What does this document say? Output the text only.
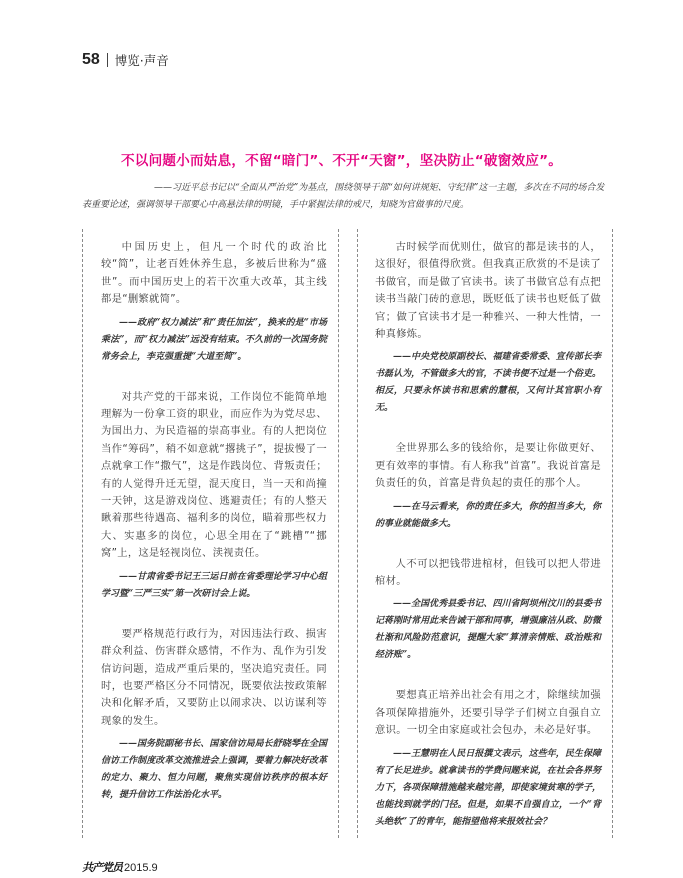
58 博览·声音
不以问题小而姑息，不留“暗门”、不开“天窗”，坚决防止“破窗效应”。
——习近平总书记以“全面从严治党”为基点，围绕领导干部“如何讲规矩、守纪律”这一主题，多次在不同的场合发表重要论述，强调领导干部要心中高悬法律的明镜，手中紧握法律的戒尺，知晓为官做事的尺度。

中国历史上，但凡一个时代的政治比较“简”，让老百姓休养生息，多被后世称为“盛世”。而中国历史上的若干次重大改革，其主线都是“删繁就简”。

——政府“权力减法”和“责任加法”，换来的是“市场乘法”，而“权力减法”远没有结束。不久前的一次国务院常务会上，李克强重提“大道至简”。

对共产党的干部来说，工作岗位不能简单地理解为一份拿工资的职业，而应作为为党尽忠、为国出力、为民造福的崇高事业。有的人把岗位当作“筹码”，稍不如意就“撂挑子”，提拔慢了一点就拿工作“撒气”，这是作践岗位、背叛责任；有的人觉得升迁无望，混天度日，当一天和尚撞一天钟，这是游戏岗位、逃避责任；有的人整天瞅着那些待遇高、福利多的岗位，瞄着那些权力大、实惠多的岗位，心思全用在了“跳槽”“挪窝”上，这是轻视岗位、渎视责任。

——甘肃省委书记王三运日前在省委理论学习中心组学习暨“三严三实”第一次研讨会上说。

要严格规范行政行为，对因违法行政、损害群众利益、伤害群众感情，不作为、乱作为引发信访问题，造成严重后果的，坚决追究责任。同时，也要严格区分不同情况，既要依法按政策解决和化解矛盾，又要防止以闹求决、以访谋利等现象的发生。

——国务院副秘书长、国家信访局局长舒晓琴在全国信访工作制度改革交流推进会上强调，要着力解决好改革的定力、聚力、恒力问题，聚焦实现信访秩序的根本好转，提升信访工作法治化水平。

古时候学而优则仕，做官的都是读书的人，这很好，很值得欣赏。但我真正欣赏的不是读了书做官，而是做了官读书。读了书做官总有点把读书当敲门砖的意思，既贬低了读书也贬低了做官；做了官读书才是一种雅兴、一种大性情，一种真修炼。

——中央党校原副校长、福建省委常委、宣传部长李书磊认为，不管做多大的官，不读书便不过是一个俗吏。相反，只要永怀读书和思索的慧根，又何计其官职小有无。

全世界那么多的钱给你，是要让你做更好、更有效率的事情。有人称我“首富”。我说首富是负责任的负，首富是背负起的责任的那个人。

——在马云看来，你的责任多大，你的担当多大，你的事业就能做多大。

人不可以把钱带进棺材，但钱可以把人带进棺材。

——全国优秀县委书记、四川省阿坝州汶川的县委书记蒋刚时常用此来告诫干部和同事，增强廉洁从政、防微杜渐和风险防范意识，提醒大家“算清亲情账、政治账和经济账”。

要想真正培养出社会有用之才，除继续加强各项保障措施外，还要引导学子们树立自强自立意识。一切全由家庭或社会包办，未必是好事。

——王慧明在人民日报撰文表示，这些年，民生保障有了长足进步。就拿读书的学费问题来说，在社会各界努力下，各项保障措施越来越完善，即使家境贫寒的学子，也能找到就学的门径。但是，如果不自强自立，一个“背头绝软”了的青年，能指望他将来报效社会？

共产党员 2015.9
